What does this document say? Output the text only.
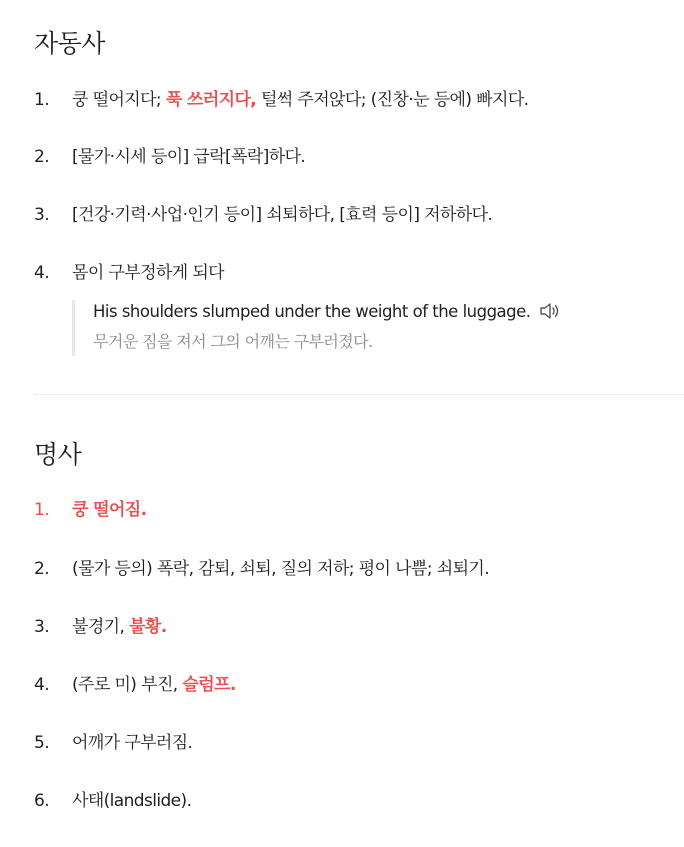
자동사
1. 쿵 떨어지다; 푹 쓰러지다, 털썩 주저앉다; (진창·눈 등에) 빠지다.
2. [물가·시세 등이] 급락[폭락]하다.
3. [건강·기력·사업·인기 등이] 쇠퇴하다, [효력 등이] 저하하다.
4. 몸이 구부정하게 되다
His shoulders slumped under the weight of the luggage.
무거운 짐을 져서 그의 어깨는 구부러졌다.
명사
1. 쿵 떨어짐.
2. (물가 등의) 폭락, 감퇴, 쇠퇴, 질의 저하; 평이 나쁨; 쇠퇴기.
3. 불경기, 불황.
4. (주로 미) 부진, 슬럼프.
5. 어깨가 구부러짐.
6. 사태(landslide).
